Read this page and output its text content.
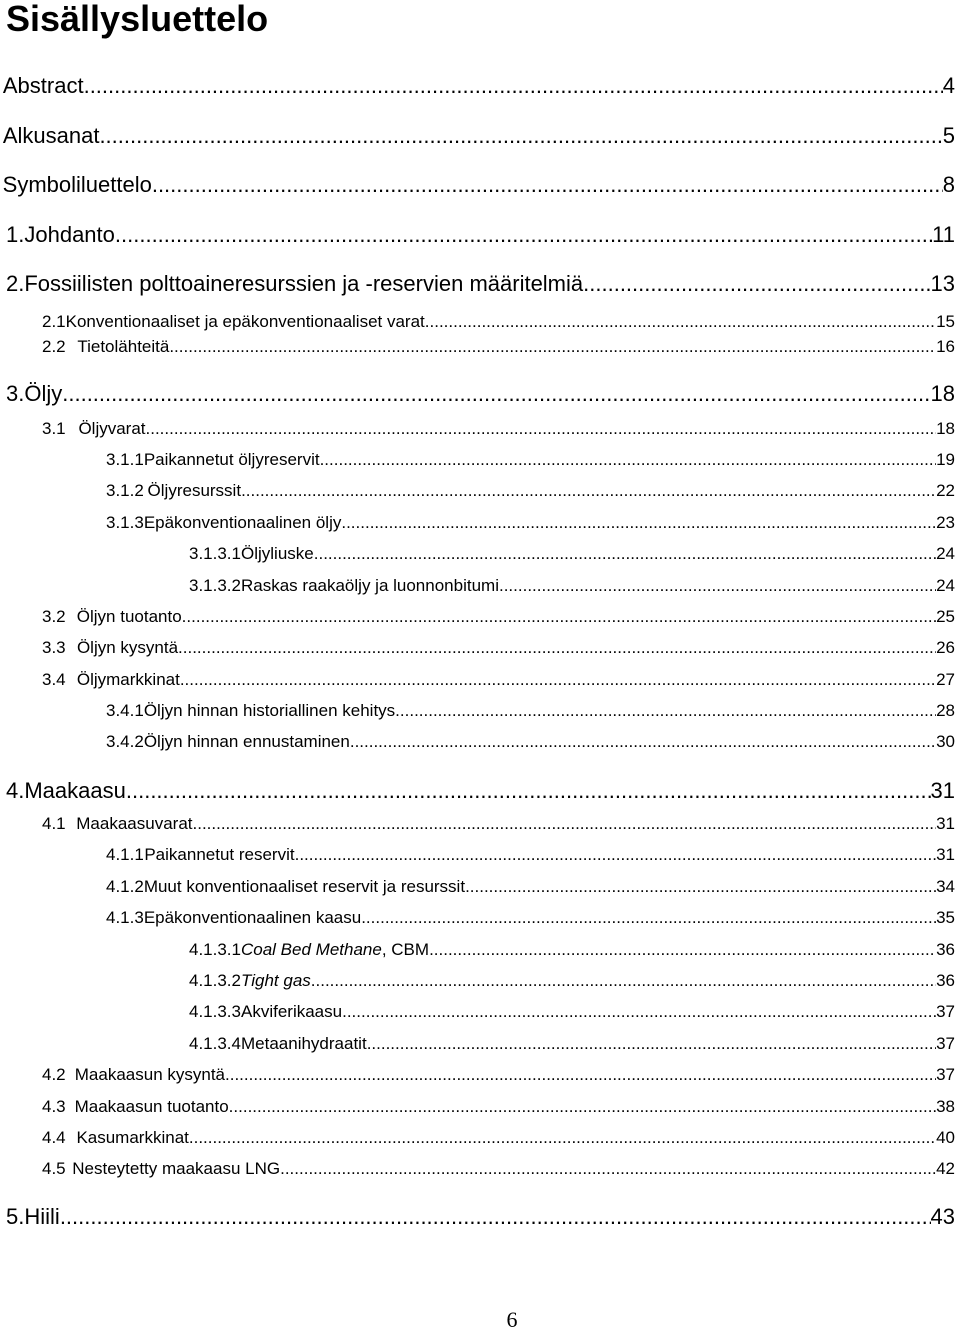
Sisällysluettelo
Abstract .....	4
Alkusanat .....	5
Symboliluettelo .....	8
1. Johdanto .....	11
2. Fossiilisten polttoaineresurssien ja -reservien määritelmiä .....	13
2.1 Konventionaaliset ja epäkonventionaaliset varat .....	15
2.2 Tietolähteitä .....	16
3. Öljy .....	18
3.1 Öljyvarat .....	18
3.1.1 Paikannetut öljyreservit .....	19
3.1.2 Öljyresurssit .....	22
3.1.3 Epäkonventionaalinen öljy .....	23
3.1.3.1 Öljyliuske .....	24
3.1.3.2 Raskas raakaöljy ja luonnonbitumi .....	24
3.2 Öljyn tuotanto .....	25
3.3 Öljyn kysyntä .....	26
3.4 Öljymarkkinat .....	27
3.4.1 Öljyn hinnan historiallinen kehitys .....	28
3.4.2 Öljyn hinnan ennustaminen .....	30
4. Maakaasu .....	31
4.1 Maakaasuvarat .....	31
4.1.1 Paikannetut reservit .....	31
4.1.2 Muut konventionaaliset reservit ja resurssit .....	34
4.1.3 Epäkonventionaalinen kaasu .....	35
4.1.3.1 Coal Bed Methane, CBM .....	36
4.1.3.2 Tight gas .....	36
4.1.3.3 Akviferikaasu .....	37
4.1.3.4 Metaanihydraatit .....	37
4.2 Maakaasun kysyntä .....	37
4.3 Maakaasun tuotanto .....	38
4.4 Kasumarkkinat .....	40
4.5 Nesteytetty maakaasu LNG .....	42
5. Hiili .....	43
6
